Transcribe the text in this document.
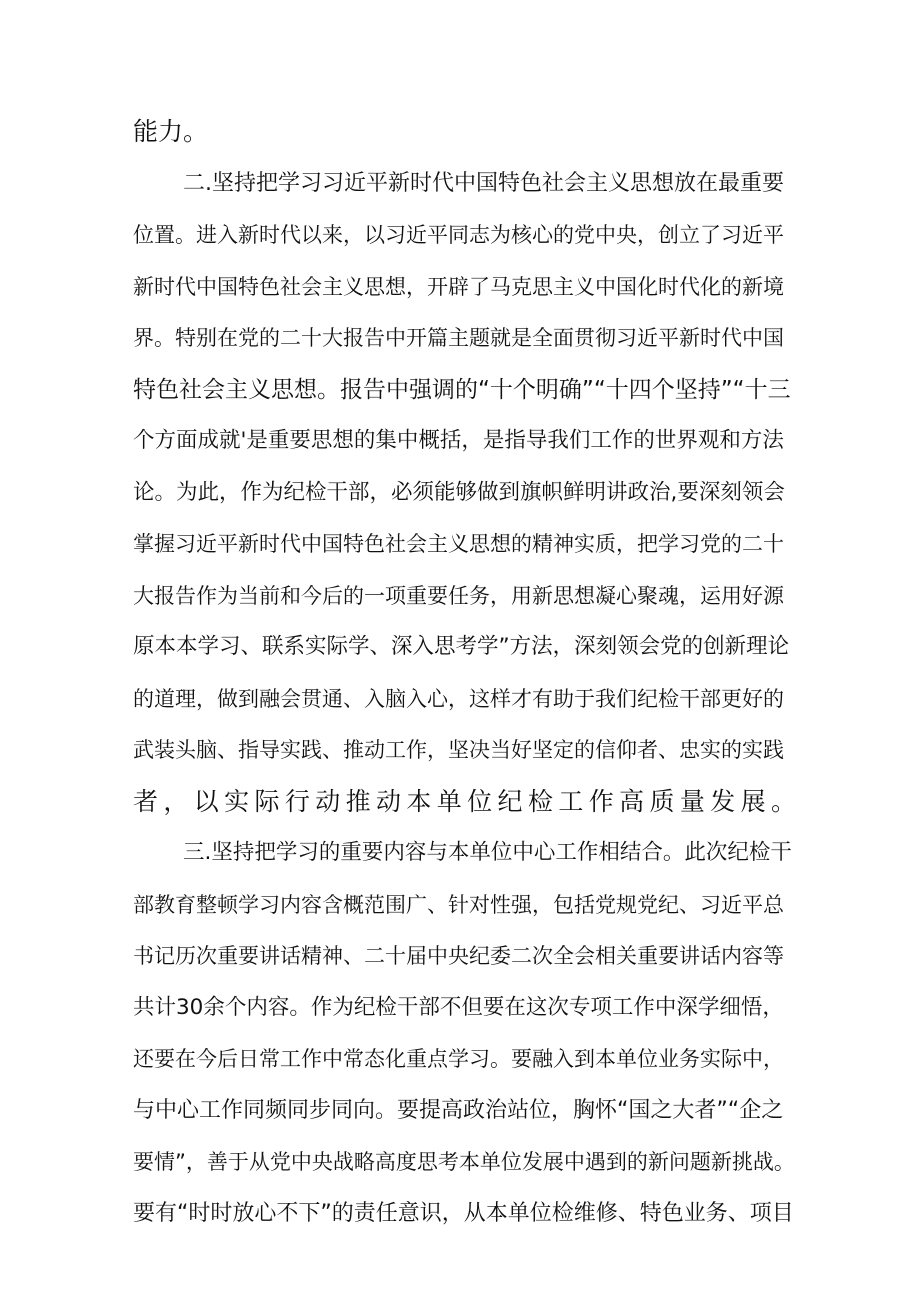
能力。
二.坚持把学习习近平新时代中国特色社会主义思想放在最重要
位置。进入新时代以来，以习近平同志为核心的党中央，创立了习近平
新时代中国特色社会主义思想，开辟了马克思主义中国化时代化的新境
界。特别在党的二十大报告中开篇主题就是全面贯彻习近平新时代中国
特色社会主义思想。报告中强调的“十个明确”“十四个坚持”“十三
个方面成就'是重要思想的集中概括，是指导我们工作的世界观和方法
论。为此，作为纪检干部，必须能够做到旗帜鲜明讲政治,要深刻领会
掌握习近平新时代中国特色社会主义思想的精神实质，把学习党的二十
大报告作为当前和今后的一项重要任务，用新思想凝心聚魂，运用好源
原本本学习、联系实际学、深入思考学”方法，深刻领会党的创新理论
的道理，做到融会贯通、入脑入心，这样才有助于我们纪检干部更好的
武装头脑、指导实践、推动工作，坚决当好坚定的信仰者、忠实的实践
者，以实际行动推动本单位纪检工作高质量发展。
三.坚持把学习的重要内容与本单位中心工作相结合。此次纪检干
部教育整顿学习内容含概范围广、针对性强，包括党规党纪、习近平总
书记历次重要讲话精神、二十届中央纪委二次全会相关重要讲话内容等
共计30余个内容。作为纪检干部不但要在这次专项工作中深学细悟，
还要在今后日常工作中常态化重点学习。要融入到本单位业务实际中，
与中心工作同频同步同向。要提高政治站位，胸怀“国之大者”“企之
要情”，善于从党中央战略高度思考本单位发展中遇到的新问题新挑战。
要有“时时放心不下”的责任意识，从本单位检维修、特色业务、项目
